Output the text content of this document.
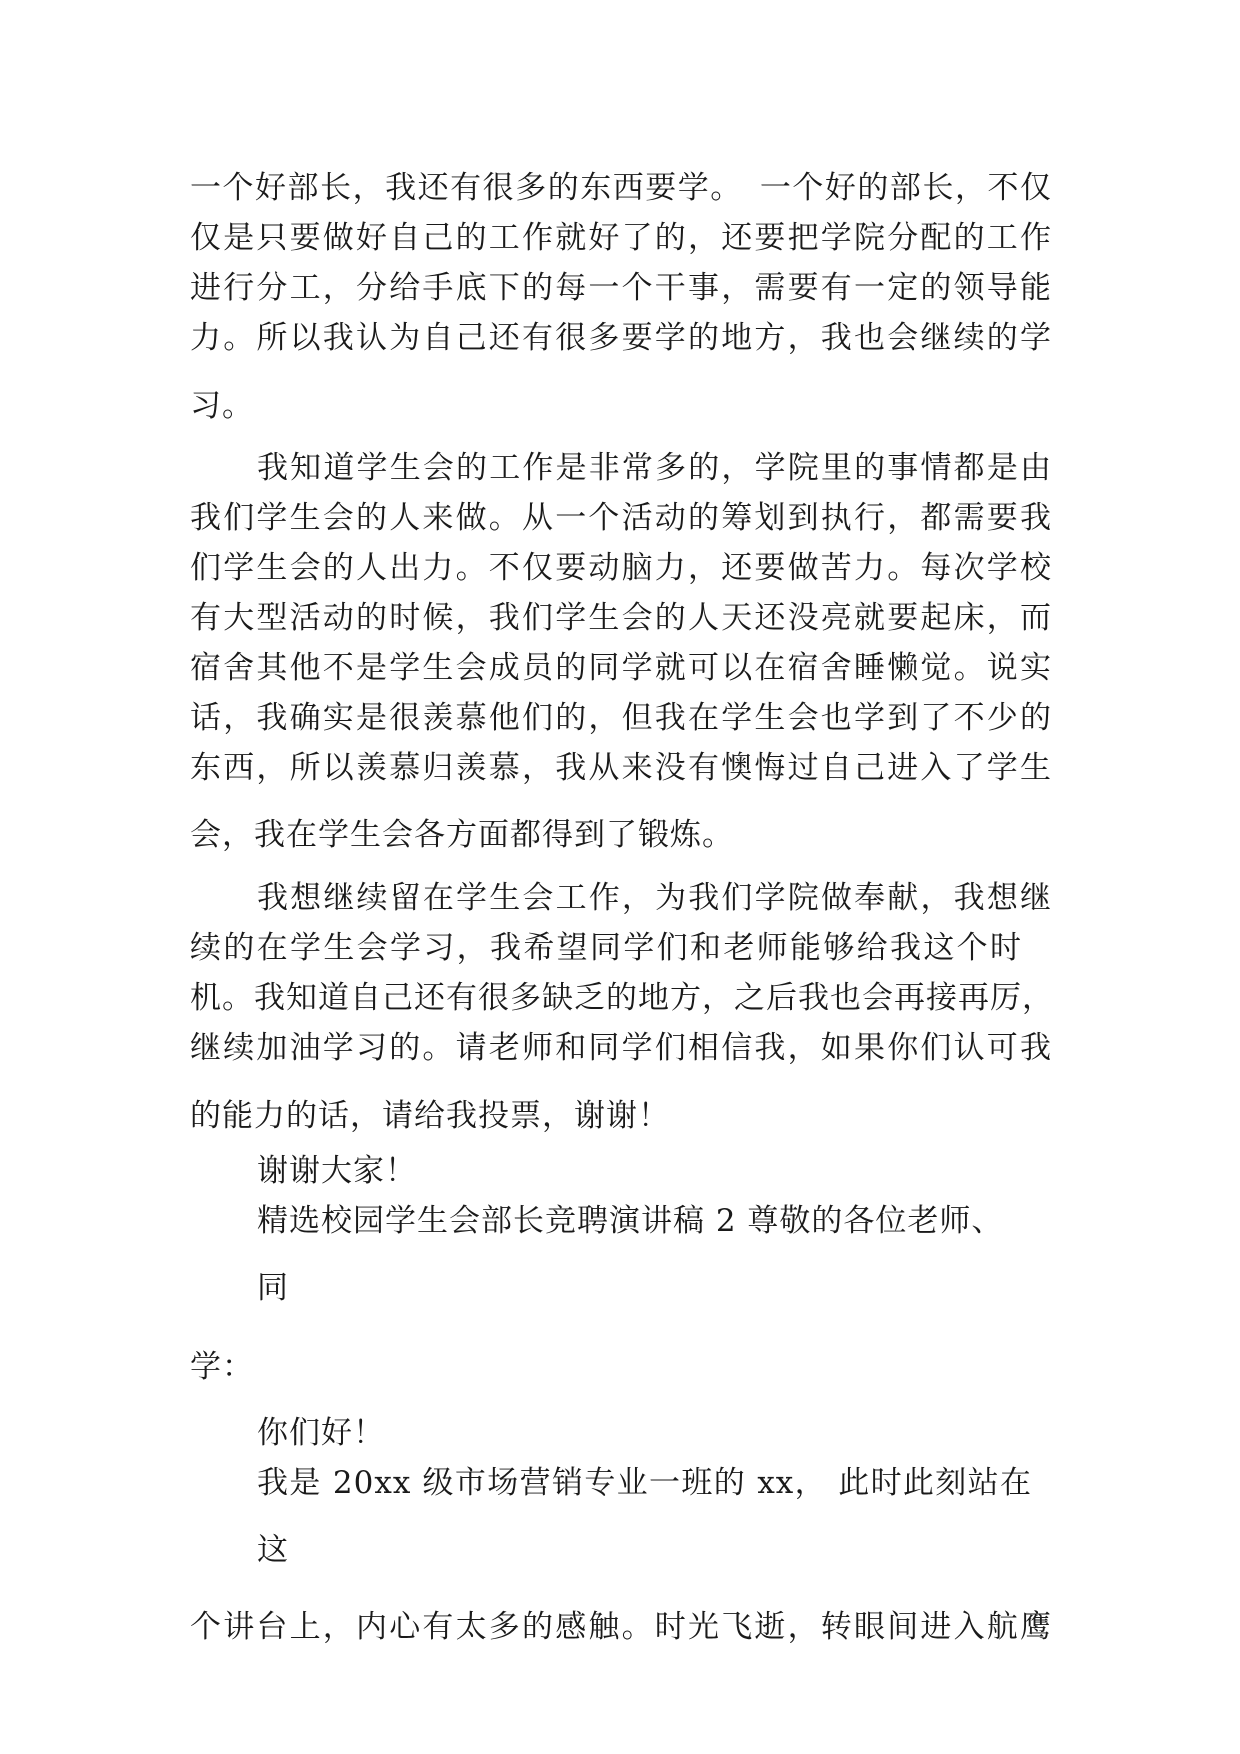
一个好部长，我还有很多的东西要学。　一个好的部长，不仅

仅是只要做好自己的工作就好了的，还要把学院分配的工作

进行分工，分给手底下的每一个干事，需要有一定的领导能

力。所以我认为自己还有很多要学的地方，我也会继续的学

习。

我知道学生会的工作是非常多的，学院里的事情都是由

我们学生会的人来做。从一个活动的筹划到执行，都需要我

们学生会的人出力。不仅要动脑力，还要做苦力。每次学校

有大型活动的时候，我们学生会的人天还没亮就要起床，而

宿舍其他不是学生会成员的同学就可以在宿舍睡懒觉。说实

话，我确实是很羡慕他们的，但我在学生会也学到了不少的

东西，所以羡慕归羡慕，我从来没有懊悔过自己进入了学生

会，我在学生会各方面都得到了锻炼。

我想继续留在学生会工作，为我们学院做奉献，我想继

续的在学生会学习，我希望同学们和老师能够给我这个时

机。我知道自己还有很多缺乏的地方，之后我也会再接再厉，

继续加油学习的。请老师和同学们相信我，如果你们认可我

的能力的话，请给我投票，谢谢！

谢谢大家！

精选校园学生会部长竞聘演讲稿 2 尊敬的各位老师、

同

学：

你们好！

我是 20xx 级市场营销专业一班的 xx， 此时此刻站在

这

个讲台上，内心有太多的感触。时光飞逝，转眼间进入航鹰
